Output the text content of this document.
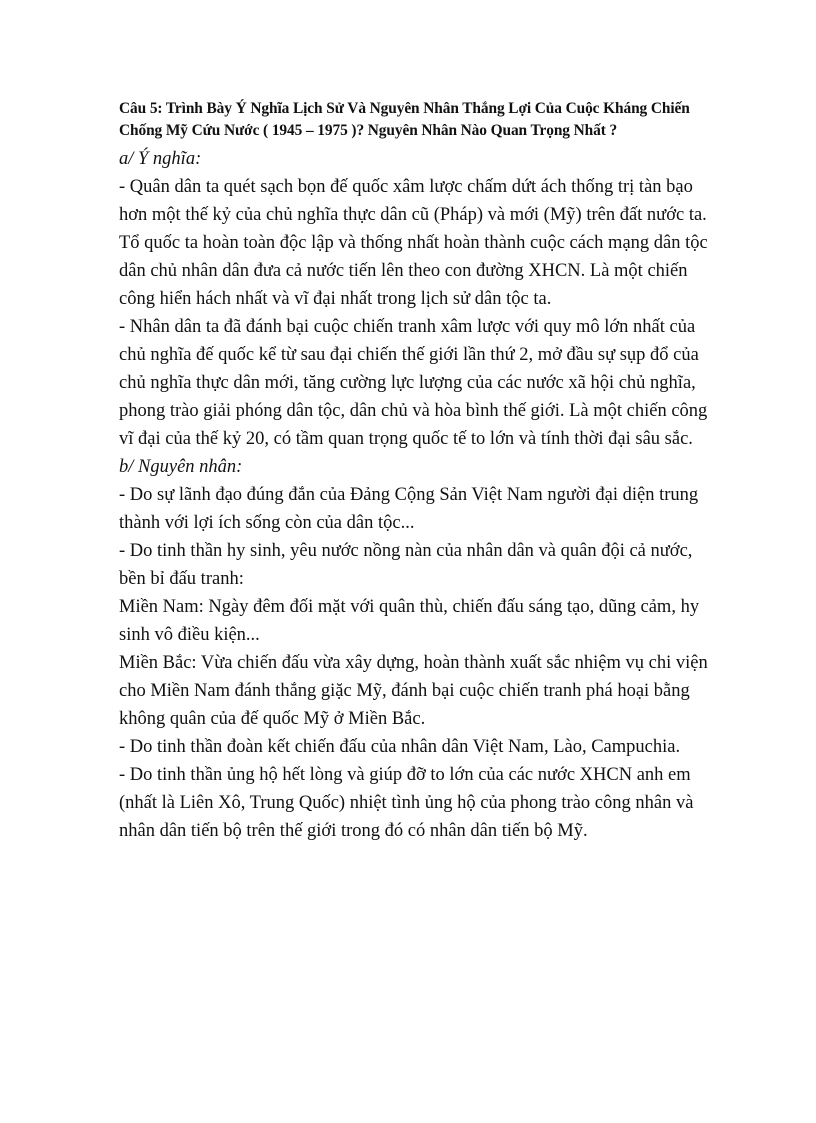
Câu 5: Trình Bày Ý Nghĩa Lịch Sử Và Nguyên Nhân Thắng Lợi Của Cuộc Kháng Chiến Chống Mỹ Cứu Nước ( 1945 – 1975 )? Nguyên Nhân Nào Quan Trọng Nhất ?

a/ Ý nghĩa:

- Quân dân ta quét sạch bọn đế quốc xâm lược chấm dứt ách thống trị tàn bạo hơn một thế kỷ của chủ nghĩa thực dân cũ (Pháp) và mới (Mỹ) trên đất nước ta. Tổ quốc ta hoàn toàn độc lập và thống nhất hoàn thành cuộc cách mạng dân tộc dân chủ nhân dân đưa cả nước tiến lên theo con đường XHCN. Là một chiến công hiển hách nhất và vĩ đại nhất trong lịch sử dân tộc ta.

- Nhân dân ta đã đánh bại cuộc chiến tranh xâm lược với quy mô lớn nhất của chủ nghĩa đế quốc kể từ sau đại chiến thế giới lần thứ 2, mở đầu sự sụp đổ của chủ nghĩa thực dân mới, tăng cường lực lượng của các nước xã hội chủ nghĩa, phong trào giải phóng dân tộc, dân chủ và hòa bình thế giới. Là một chiến công vĩ đại của thế kỷ 20, có tầm quan trọng quốc tế to lớn và tính thời đại sâu sắc.

b/ Nguyên nhân:

- Do sự lãnh đạo đúng đắn của Đảng Cộng Sản Việt Nam người đại diện trung thành với lợi ích sống còn của dân tộc...

- Do tinh thần hy sinh, yêu nước nồng nàn của nhân dân và quân đội cả nước, bền bỉ đấu tranh:

Miền Nam: Ngày đêm đối mặt với quân thù, chiến đấu sáng tạo, dũng cảm, hy sinh vô điều kiện...

Miền Bắc: Vừa chiến đấu vừa xây dựng, hoàn thành xuất sắc nhiệm vụ chi viện cho Miền Nam đánh thắng giặc Mỹ, đánh bại cuộc chiến tranh phá hoại bằng không quân của đế quốc Mỹ ở Miền Bắc.

- Do tinh thần đoàn kết chiến đấu của nhân dân Việt Nam, Lào, Campuchia.

- Do tinh thần ủng hộ hết lòng và giúp đỡ to lớn của các nước XHCN anh em (nhất là Liên Xô, Trung Quốc) nhiệt tình ủng hộ của phong trào công nhân và nhân dân tiến bộ trên thế giới trong đó có nhân dân tiến bộ Mỹ.
